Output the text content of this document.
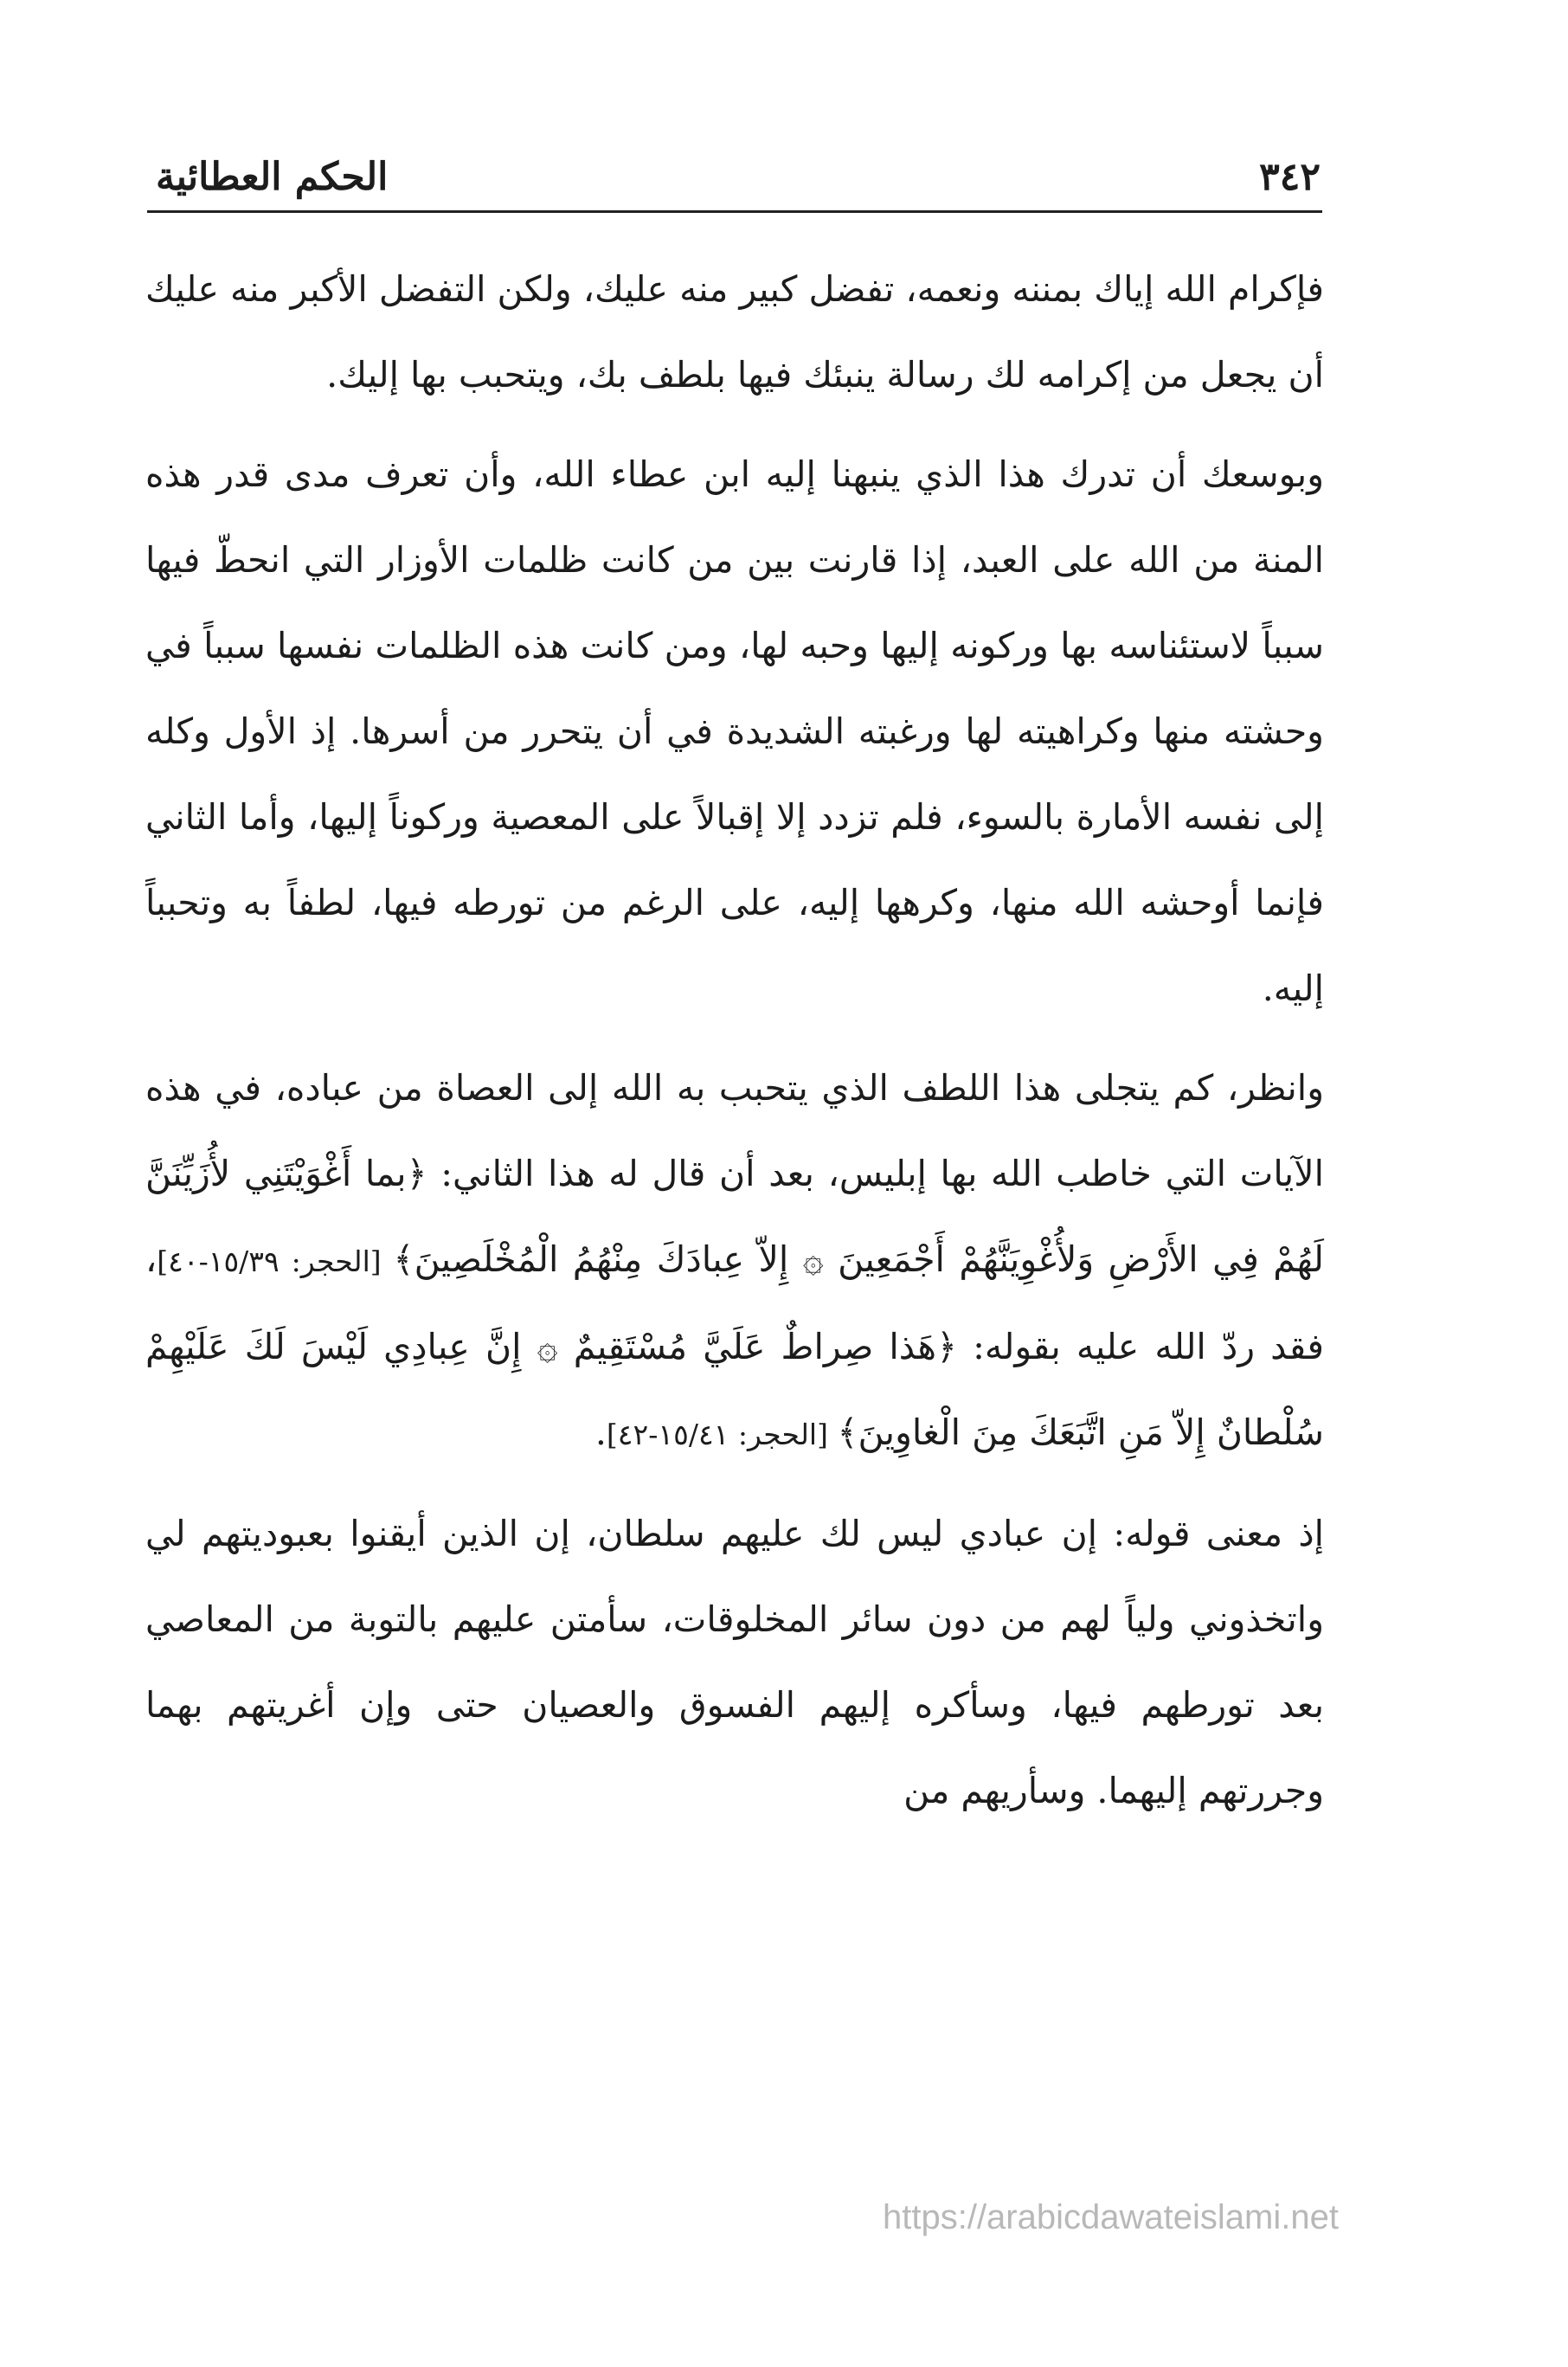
٣٤٢
الحكم العطائية

فإكرام الله إياك بمننه ونعمه، تفضل كبير منه عليك، ولكن التفضل الأكبر منه عليك أن يجعل من إكرامه لك رسالة ينبئك فيها بلطف بك، ويتحبب بها إليك.

وبوسعك أن تدرك هذا الذي ينبهنا إليه ابن عطاء الله، وأن تعرف مدى قدر هذه المنة من الله على العبد، إذا قارنت بين من كانت ظلمات الأوزار التي انحطّ فيها سبباً لاستئناسه بها وركونه إليها وحبه لها، ومن كانت هذه الظلمات نفسها سبباً في وحشته منها وكراهيته لها ورغبته الشديدة في أن يتحرر من أسرها. إذ الأول وكله إلى نفسه الأمارة بالسوء، فلم تزدد إلا إقبالاً على المعصية وركوناً إليها، وأما الثاني فإنما أوحشه الله منها، وكرهها إليه، على الرغم من تورطه فيها، لطفاً به وتحبباً إليه.

وانظر، كم يتجلى هذا اللطف الذي يتحبب به الله إلى العصاة من عباده، في هذه الآيات التي خاطب الله بها إبليس، بعد أن قال له هذا الثاني: ﴿بما أَغْوَيْتَنِي لأُزَيِّنَنَّ لَهُمْ فِي الأَرْضِ وَلأُغْوِيَنَّهُمْ أَجْمَعِينَ ۞ إِلاّ عِبادَكَ مِنْهُمُ الْمُخْلَصِينَ﴾ [الحجر: ١٥/٣٩-٤٠]، فقد ردّ الله عليه بقوله: ﴿هَذا صِراطٌ عَلَيَّ مُسْتَقِيمٌ ۞ إِنَّ عِبادِي لَيْسَ لَكَ عَلَيْهِمْ سُلْطانٌ إِلاّ مَنِ اتَّبَعَكَ مِنَ الْغاوِينَ﴾ [الحجر: ١٥/٤١-٤٢].

إذ معنى قوله: إن عبادي ليس لك عليهم سلطان، إن الذين أيقنوا بعبوديتهم لي واتخذوني ولياً لهم من دون سائر المخلوقات، سأمتن عليهم بالتوبة من المعاصي بعد تورطهم فيها، وسأكره إليهم الفسوق والعصيان حتى وإن أغريتهم بهما وجررتهم إليهما. وسأريهم من

https://arabicdawateislami.net
